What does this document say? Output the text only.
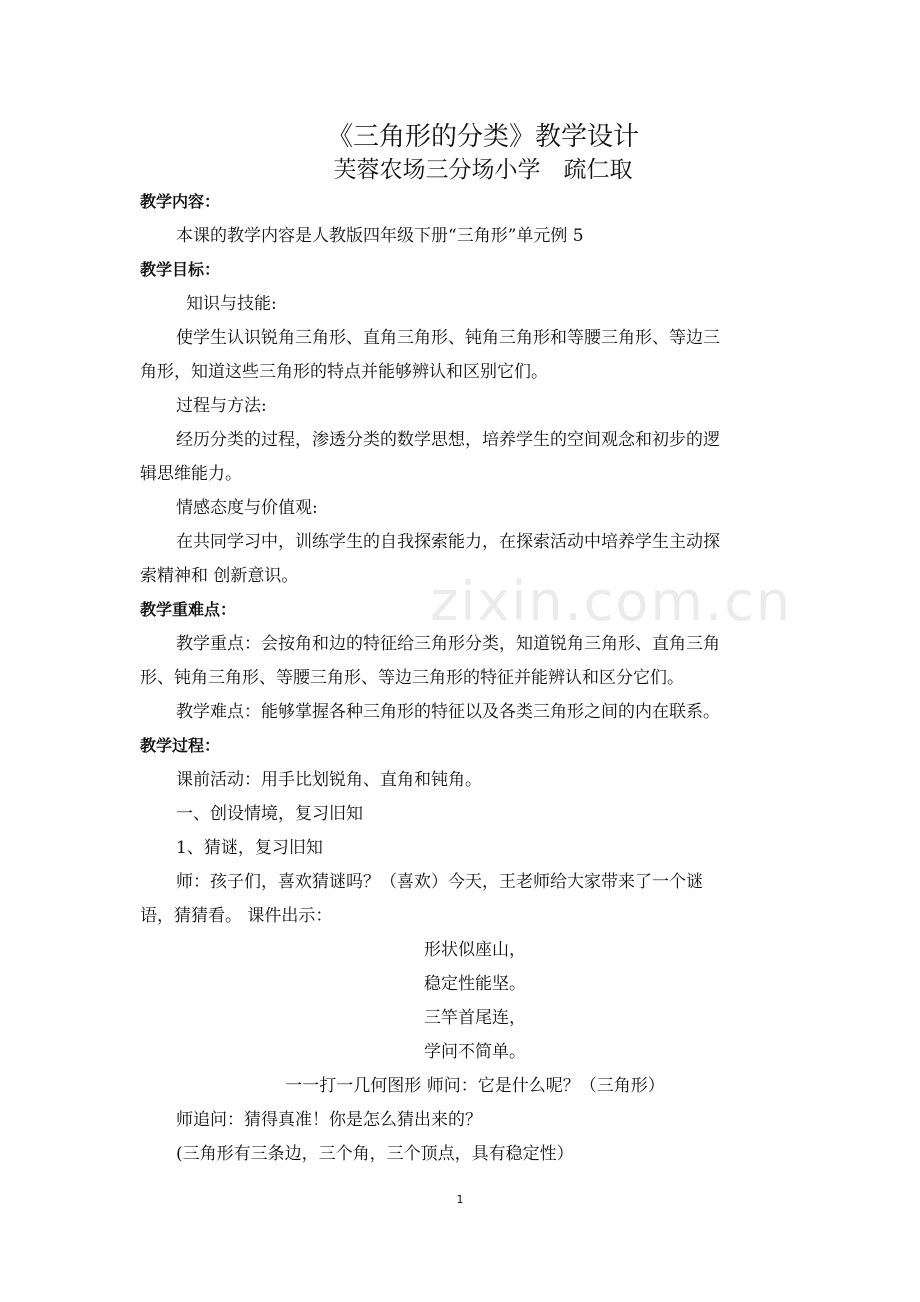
《三角形的分类》教学设计
芙蓉农场三分场小学　疏仁取
教学内容：
本课的教学内容是人教版四年级下册“三角形”单元例 5
教学目标：
知识与技能:
使学生认识锐角三角形、直角三角形、钝角三角形和等腰三角形、等边三
角形，知道这些三角形的特点并能够辨认和区别它们。
过程与方法:
经历分类的过程，渗透分类的数学思想，培养学生的空间观念和初步的逻
辑思维能力。
情感态度与价值观:
在共同学习中，训练学生的自我探索能力，在探索活动中培养学生主动探
索精神和 创新意识。
教学重难点：
教学重点：会按角和边的特征给三角形分类，知道锐角三角形、直角三角
形、钝角三角形、等腰三角形、等边三角形的特征并能辨认和区分它们。
教学难点：能够掌握各种三角形的特征以及各类三角形之间的内在联系。
教学过程：
课前活动：用手比划锐角、直角和钝角。
一、创设情境，复习旧知
1、猜谜，复习旧知
师：孩子们，喜欢猜谜吗？（喜欢）今天，王老师给大家带来了一个谜
语，猜猜看。 课件出示：
形状似座山，
稳定性能坚。
三竿首尾连，
学问不简单。
一一打一几何图形 师问：它是什么呢？（三角形）
师追问：猜得真准！你是怎么猜出来的？
(三角形有三条边，三个角，三个顶点，具有稳定性）
zixin.com.cn
1
